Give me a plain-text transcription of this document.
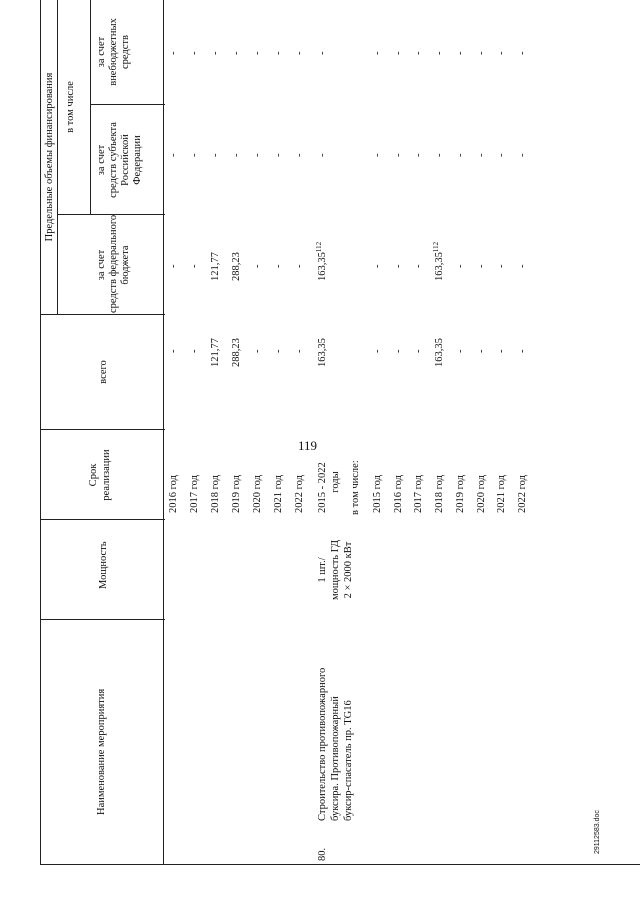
119
29112583.doc
Наименование мероприятия
Мощность
Срок реализации
всего
Предельные объемы финансирования в том числе
за счет средств федерального бюджета
за счет средств субъекта Российской Федерации
за счет внебюджетных средств
2016 год
-
-
-
-
2017 год
-
-
-
-
2018 год
121,77
121,77
-
-
2019 год
288,23
288,23
-
-
2020 год
-
-
-
-
2021 год
-
-
-
-
2022 год
-
-
-
-
80.
Строительство противопожарного буксира. Противопожарный буксир-спасатель пр. TG16
1 шт./ мощность ГД 2 × 2000 кВт
2015 - 2022 годы
163,35
163,35$^{112}$
-
-
в том числе: 2015 год
-
-
-
-
2016 год
-
-
-
-
2017 год
-
-
-
-
2018 год
163,35
163,35$^{112}$
-
-
2019 год
-
-
-
-
2020 год
-
-
-
-
2021 год
-
-
-
-
2022 год
-
-
-
-
